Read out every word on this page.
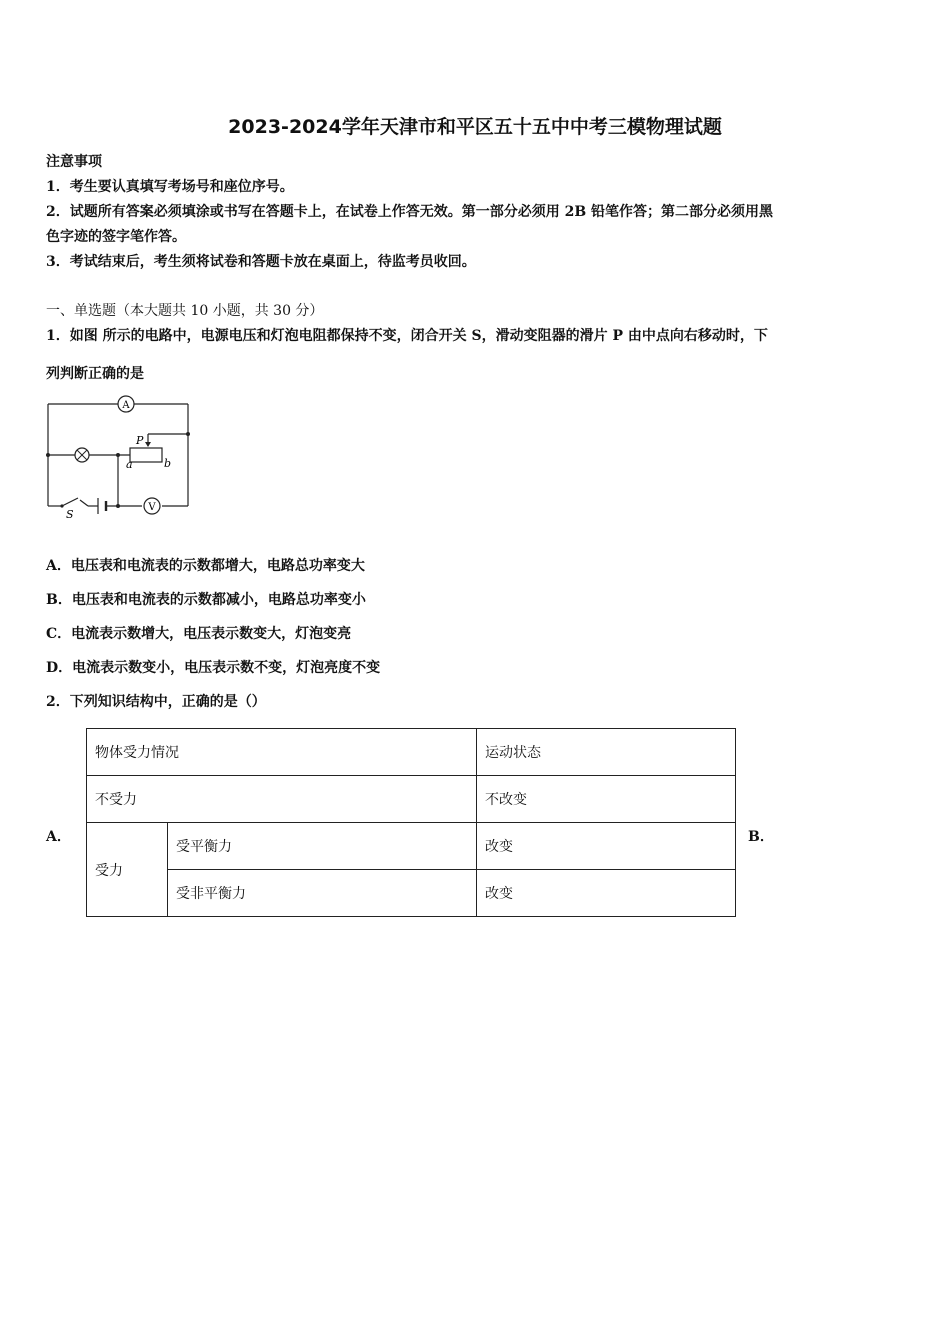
2023-2024学年天津市和平区五十五中中考三模物理试题
注意事项
1．考生要认真填写考场号和座位序号。
2．试题所有答案必须填涂或书写在答题卡上，在试卷上作答无效。第一部分必须用 2B 铅笔作答；第二部分必须用黑
色字迹的签字笔作答。
3．考试结束后，考生须将试卷和答题卡放在桌面上，待监考员收回。
一、单选题（本大题共 10 小题，共 30 分）
1．如图 所示的电路中，电源电压和灯泡电阻都保持不变，闭合开关 S，滑动变阻器的滑片 P 由中点向右移动时，下
列判断正确的是
A
P
a	b
V
S
A．电压表和电流表的示数都增大，电路总功率变大
B．电压表和电流表的示数都减小，电路总功率变小
C．电流表示数增大，电压表示数变大，灯泡变亮
D．电流表示数变小，电压表示数不变，灯泡亮度不变
2．下列知识结构中，正确的是（）
A．	B．
物体受力情况		运动状态
不受力		不改变
受力	受平衡力	改变
	受非平衡力	改变
